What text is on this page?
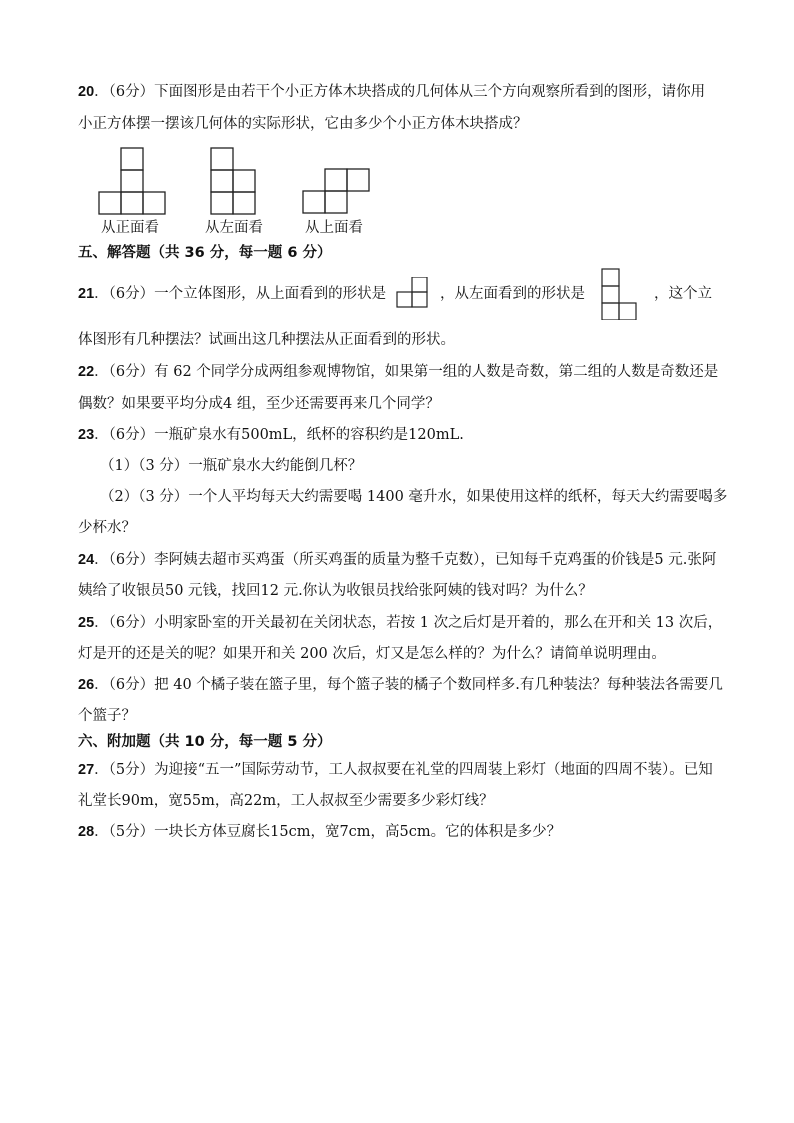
20．（6分）下面图形是由若干个小正方体木块搭成的几何体从三个方向观察所看到的图形，请你用
小正方体摆一摆该几何体的实际形状，它由多少个小正方体木块搭成？
从正面看	从左面看	从上面看
五、解答题（共 36 分，每一题 6 分）
21．（6分）一个立体图形，从上面看到的形状是	，从左面看到的形状是	，这个立
体图形有几种摆法？试画出这几种摆法从正面看到的形状。
22．（6分）有 62 个同学分成两组参观博物馆，如果第一组的人数是奇数，第二组的人数是奇数还是
偶数？如果要平均分成4 组，至少还需要再来几个同学？
23．（6分）一瓶矿泉水有500mL，纸杯的容积约是120mL.
（1）（3 分）一瓶矿泉水大约能倒几杯？
（2）（3 分）一个人平均每天大约需要喝 1400 毫升水，如果使用这样的纸杯，每天大约需要喝多
少杯水？
24．（6分）李阿姨去超市买鸡蛋（所买鸡蛋的质量为整千克数），已知每千克鸡蛋的价钱是5 元.张阿
姨给了收银员50 元钱，找回12 元.你认为收银员找给张阿姨的钱对吗？为什么？
25．（6分）小明家卧室的开关最初在关闭状态，若按 1 次之后灯是开着的，那么在开和关 13 次后，
灯是开的还是关的呢？如果开和关 200 次后，灯又是怎么样的？为什么？请简单说明理由。
26．（6分）把 40 个橘子装在篮子里，每个篮子装的橘子个数同样多.有几种装法？每种装法各需要几
个篮子？
六、附加题（共 10 分，每一题 5 分）
27．（5分）为迎接“五一”国际劳动节，工人叔叔要在礼堂的四周装上彩灯（地面的四周不装）。已知
礼堂长90m，宽55m，高22m，工人叔叔至少需要多少彩灯线？
28．（5分）一块长方体豆腐长15cm，宽7cm，高5cm。它的体积是多少？
